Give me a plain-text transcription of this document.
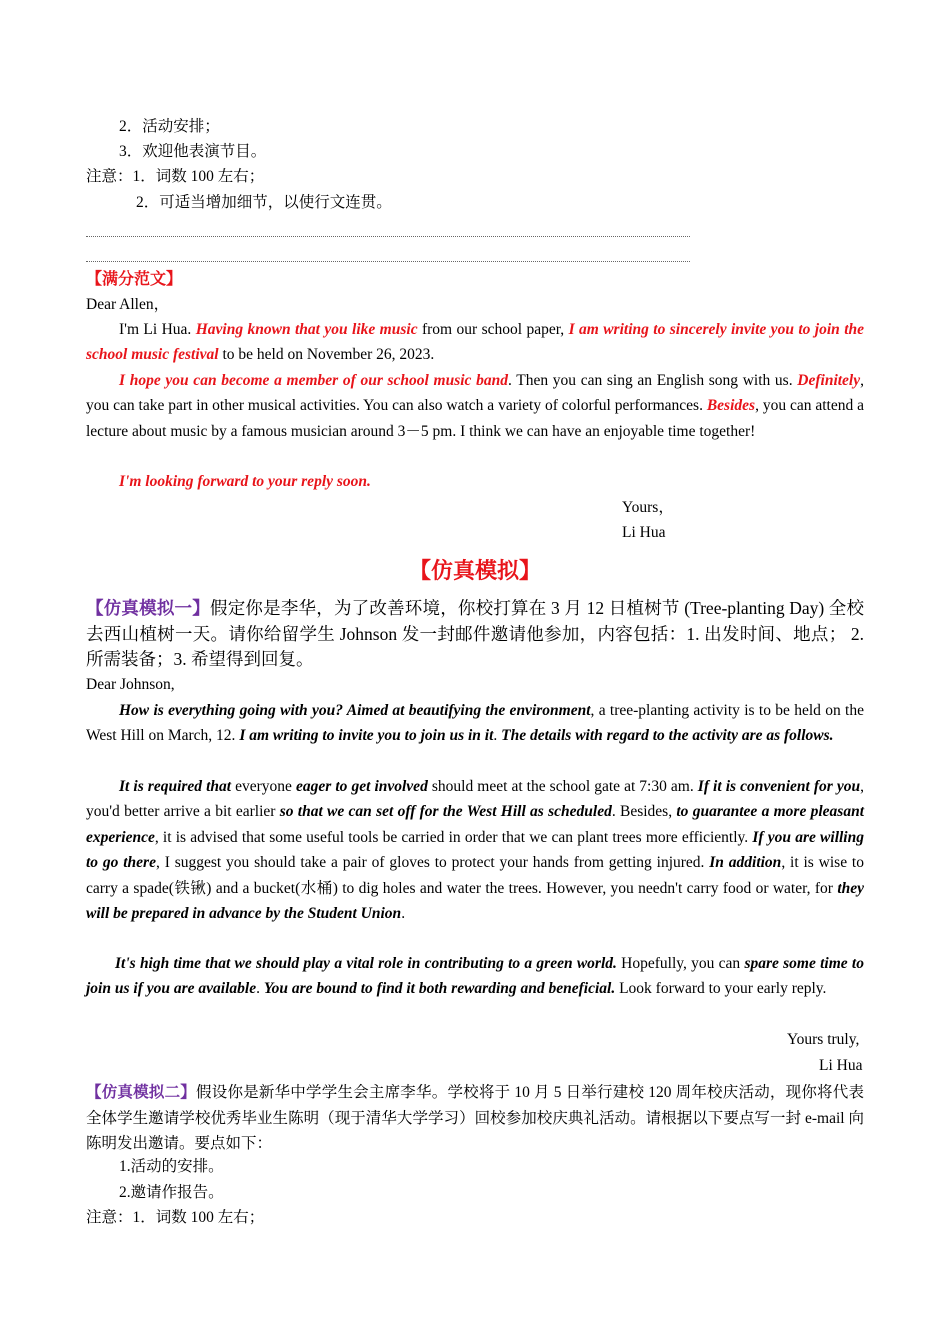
2．活动安排；
3．欢迎他表演节目。
注意：1．词数 100 左右；
2．可适当增加细节，以使行文连贯。
【满分范文】
Dear Allen，
I'm Li Hua. Having known that you like music from our school paper, I am writing to sincerely invite you to join the school music festival to be held on November 26, 2023.
I hope you can become a member of our school music band. Then you can sing an English song with us. Definitely, you can take part in other musical activities. You can also watch a variety of colorful performances. Besides, you can attend a lecture about music by a famous musician around 3－5 pm. I think we can have an enjoyable time together!
I'm looking forward to your reply soon.
Yours，
Li Hua
【仿真模拟】
【仿真模拟一】假定你是李华，为了改善环境，你校打算在 3 月 12 日植树节 (Tree-planting Day) 全校去西山植树一天。请你给留学生 Johnson 发一封邮件邀请他参加，内容包括：1. 出发时间、地点； 2. 所需装备；3. 希望得到回复。
Dear Johnson,
How is everything going with you? Aimed at beautifying the environment, a tree-planting activity is to be held on the West Hill on March, 12. I am writing to invite you to join us in it. The details with regard to the activity are as follows.
It is required that everyone eager to get involved should meet at the school gate at 7:30 am. If it is convenient for you, you'd better arrive a bit earlier so that we can set off for the West Hill as scheduled. Besides, to guarantee a more pleasant experience, it is advised that some useful tools be carried in order that we can plant trees more efficiently. If you are willing to go there, I suggest you should take a pair of gloves to protect your hands from getting injured. In addition, it is wise to carry a spade(铁锹) and a bucket(水桶) to dig holes and water the trees. However, you needn't carry food or water, for they will be prepared in advance by the Student Union.
It's high time that we should play a vital role in contributing to a green world. Hopefully, you can spare some time to join us if you are available. You are bound to find it both rewarding and beneficial. Look forward to your early reply.
Yours truly,
Li Hua
【仿真模拟二】假设你是新华中学学生会主席李华。学校将于 10 月 5 日举行建校 120 周年校庆活动，现你将代表全体学生邀请学校优秀毕业生陈明（现于清华大学学习）回校参加校庆典礼活动。请根据以下要点写一封 e-mail 向陈明发出邀请。要点如下：
1.活动的安排。
2.邀请作报告。
注意：1．词数 100 左右；
